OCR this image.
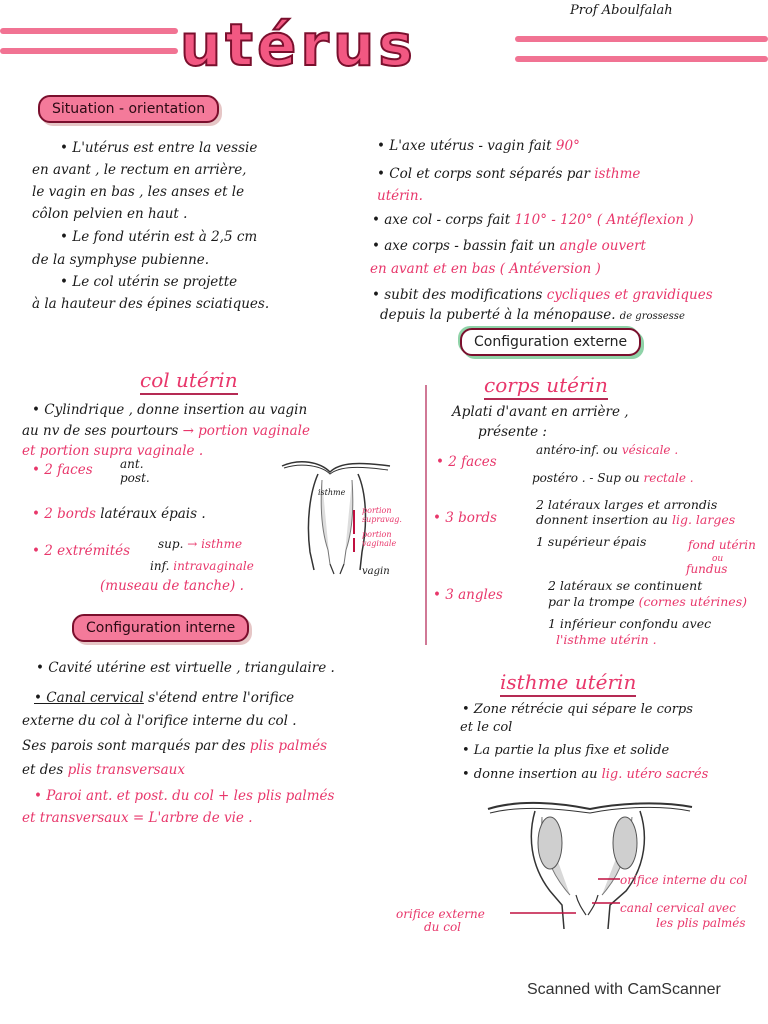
utérus
Prof Aboulfalah
Situation - orientation
• L'utérus est entre la vessie
en avant , le rectum en arrière,
le vagin en bas , les anses et le
côlon pelvien en haut .
• Le fond utérin est à 2,5 cm
de la symphyse pubienne.
• Le col utérin se projette
à la hauteur des épines sciatiques.
• L'axe utérus - vagin fait 90°
• Col et corps sont séparés par isthme
utérin.
• axe col - corps fait 110° - 120° ( Antéflexion )
• axe corps - bassin fait un angle ouvert
en avant et en bas ( Antéversion )
• subit des modifications cycliques et gravidiques
depuis la puberté à la ménopause. de grossesse
Configuration externe
col utérin
• Cylindrique , donne insertion au vagin
au nv de ses pourtours → portion vaginale
et portion supra vaginale .
• 2 faces ant.
post.
• 2 bords latéraux épais .
• 2 extrémités sup. → isthme
inf. intravaginale
(museau de tanche) .
isthme
portion supravag.
portion vaginale
vagin
corps utérin
Aplati d'avant en arrière ,
présente :
• 2 faces
antéro-inf. ou vésicale .
postéro . - Sup ou rectale .
• 3 bords
2 latéraux larges et arrondis
donnent insertion au lig. larges
1 supérieur épais	fond utérin
ou
fundus
• 3 angles
2 latéraux se continuent
par la trompe (cornes utérines)
1 inférieur confondu avec
l'isthme utérin .
Configuration interne
• Cavité utérine est virtuelle , triangulaire .
• Canal cervical s'étend entre l'orifice
externe du col à l'orifice interne du col .
Ses parois sont marqués par des plis palmés
et des plis transversaux
• Paroi ant. et post. du col + les plis palmés
et transversaux = L'arbre de vie .
isthme utérin
• Zone rétrécie qui sépare le corps
et le col
• La partie la plus fixe et solide
• donne insertion au lig. utéro sacrés
orifice interne du col
canal cervical avec
les plis palmés
orifice externe
du col
Scanned with CamScanner
